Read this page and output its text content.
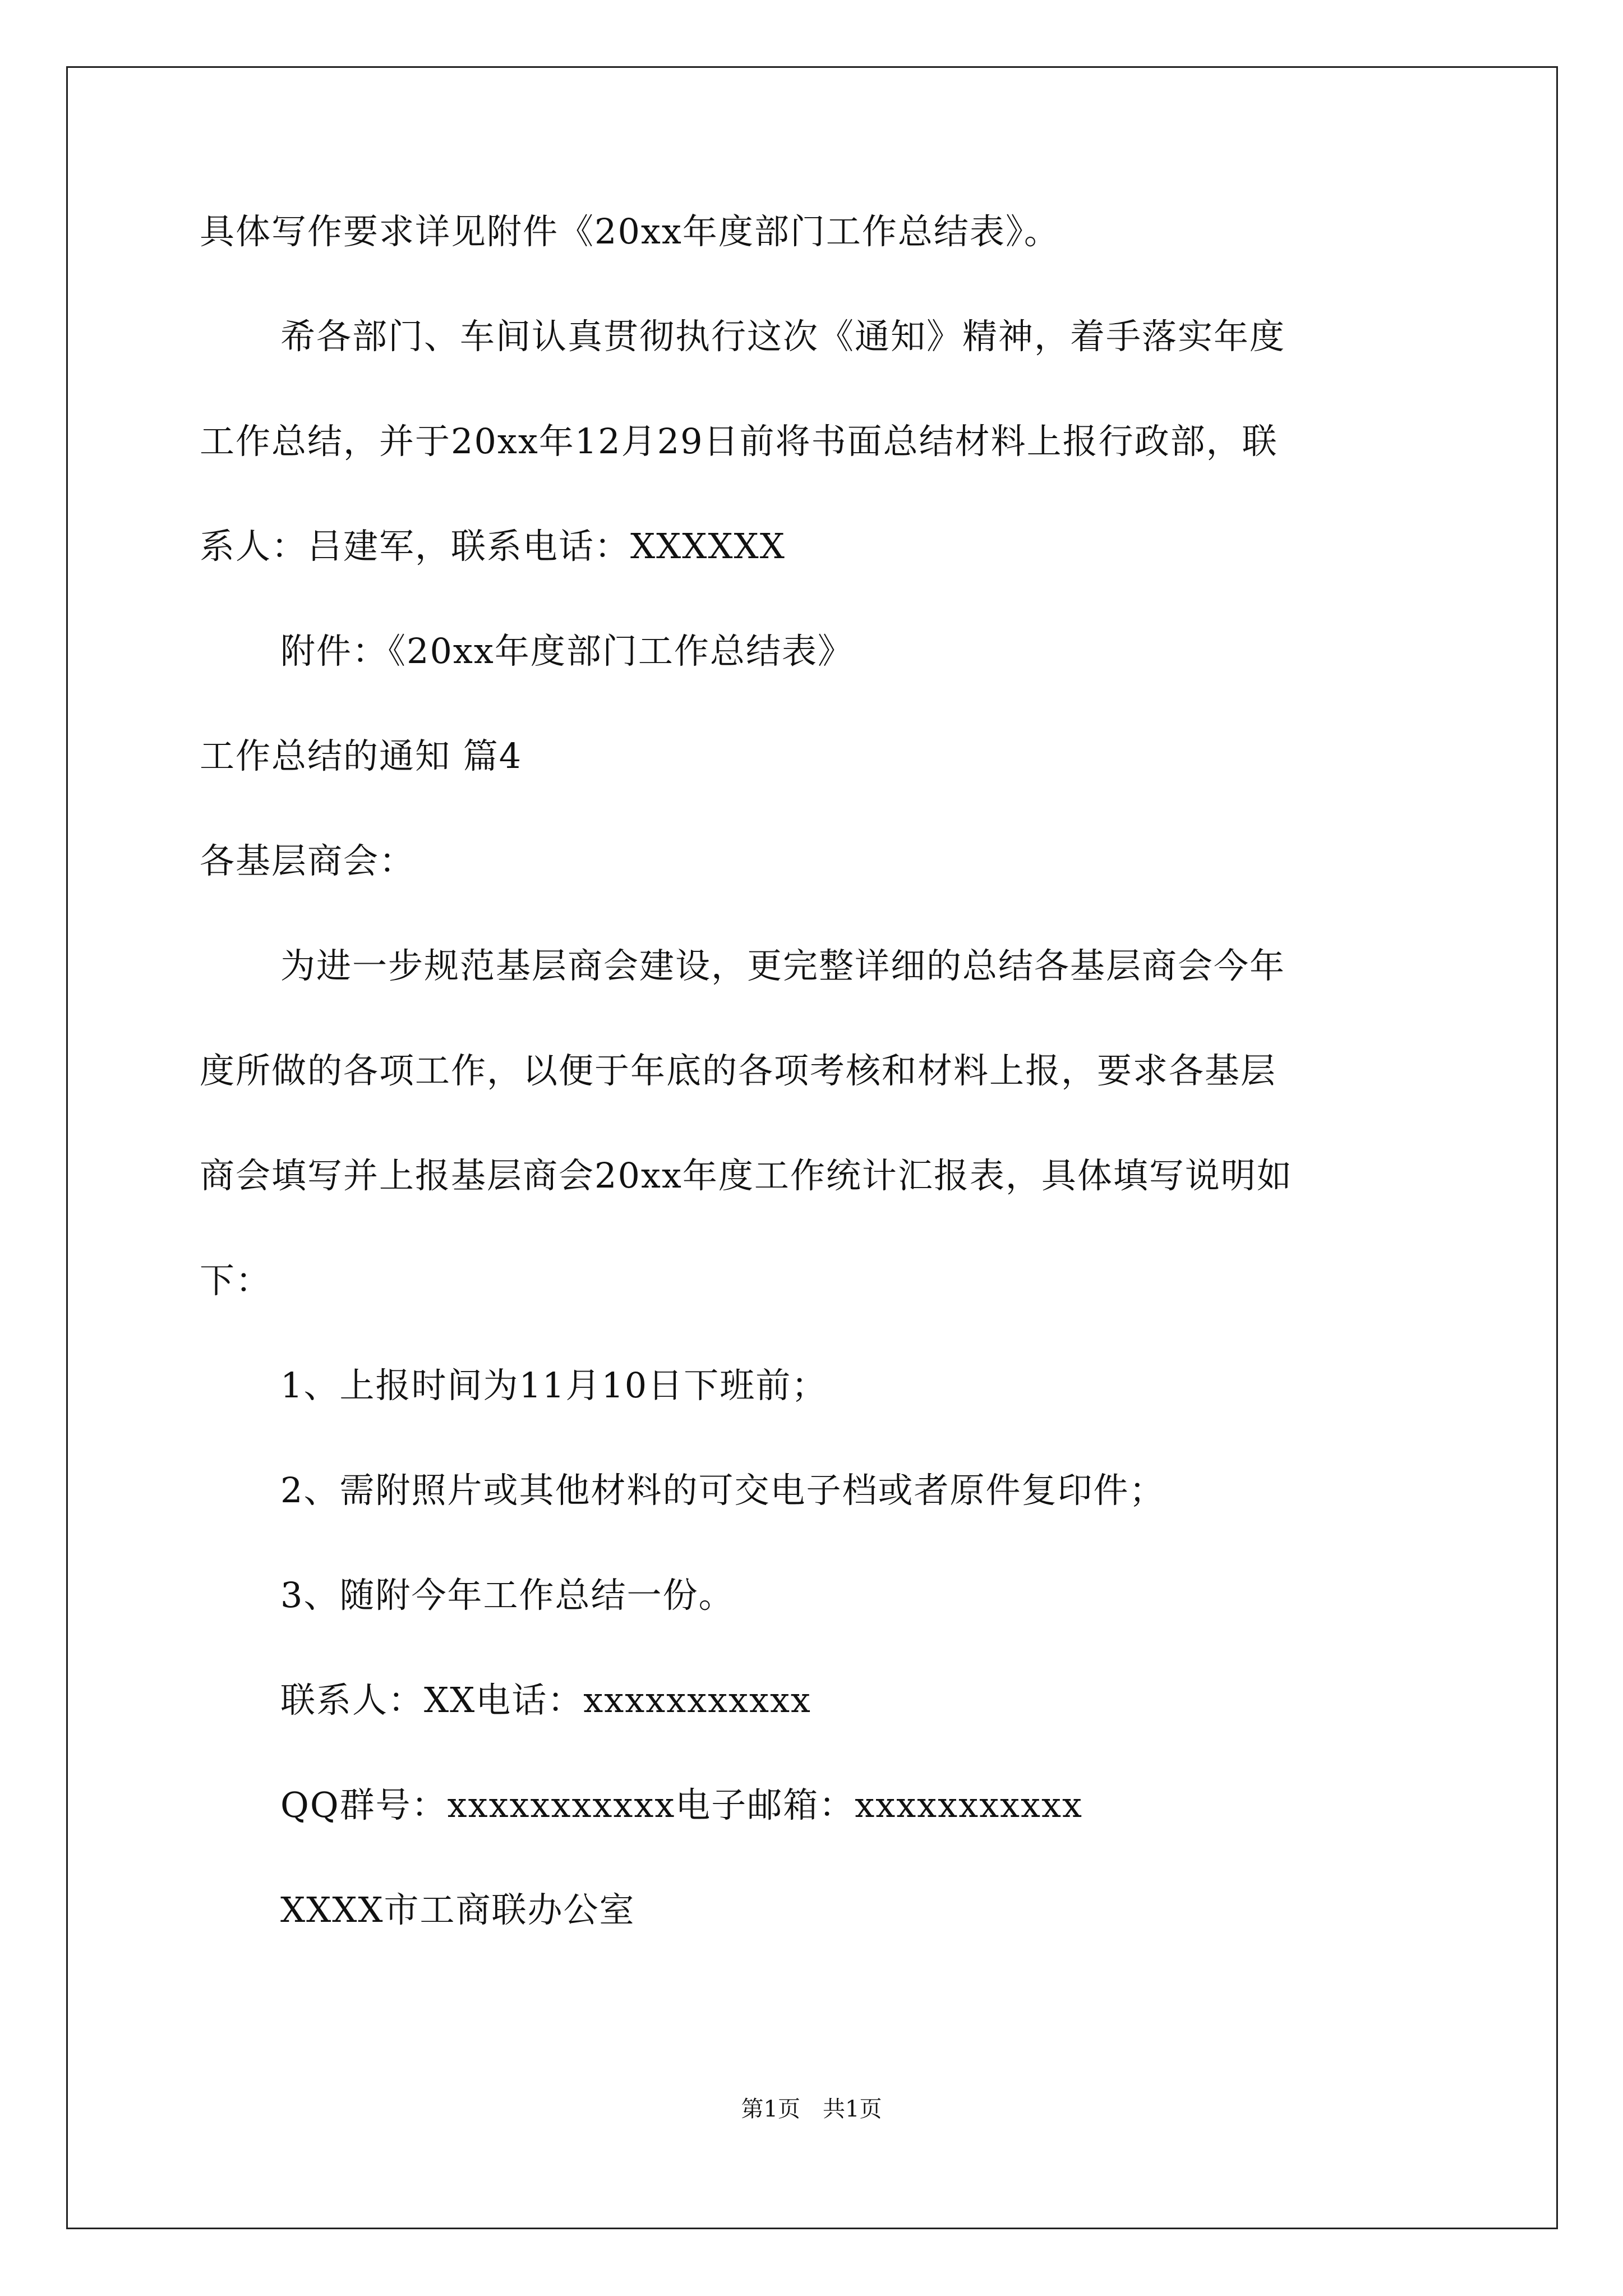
具体写作要求详见附件《20xx年度部门工作总结表》。
希各部门、车间认真贯彻执行这次《通知》精神，着手落实年度
工作总结，并于20xx年12月29日前将书面总结材料上报行政部，联
系人：吕建军，联系电话：XXXXXX
附件：《20xx年度部门工作总结表》
工作总结的通知 篇4
各基层商会：
为进一步规范基层商会建设，更完整详细的总结各基层商会今年
度所做的各项工作，以便于年底的各项考核和材料上报，要求各基层
商会填写并上报基层商会20xx年度工作统计汇报表，具体填写说明如
下：
1、上报时间为11月10日下班前；
2、需附照片或其他材料的可交电子档或者原件复印件；
3、随附今年工作总结一份。
联系人：XX电话：xxxxxxxxxxx
QQ群号：xxxxxxxxxxx电子邮箱：xxxxxxxxxxx
XXXX市工商联办公室
第1页　共1页
